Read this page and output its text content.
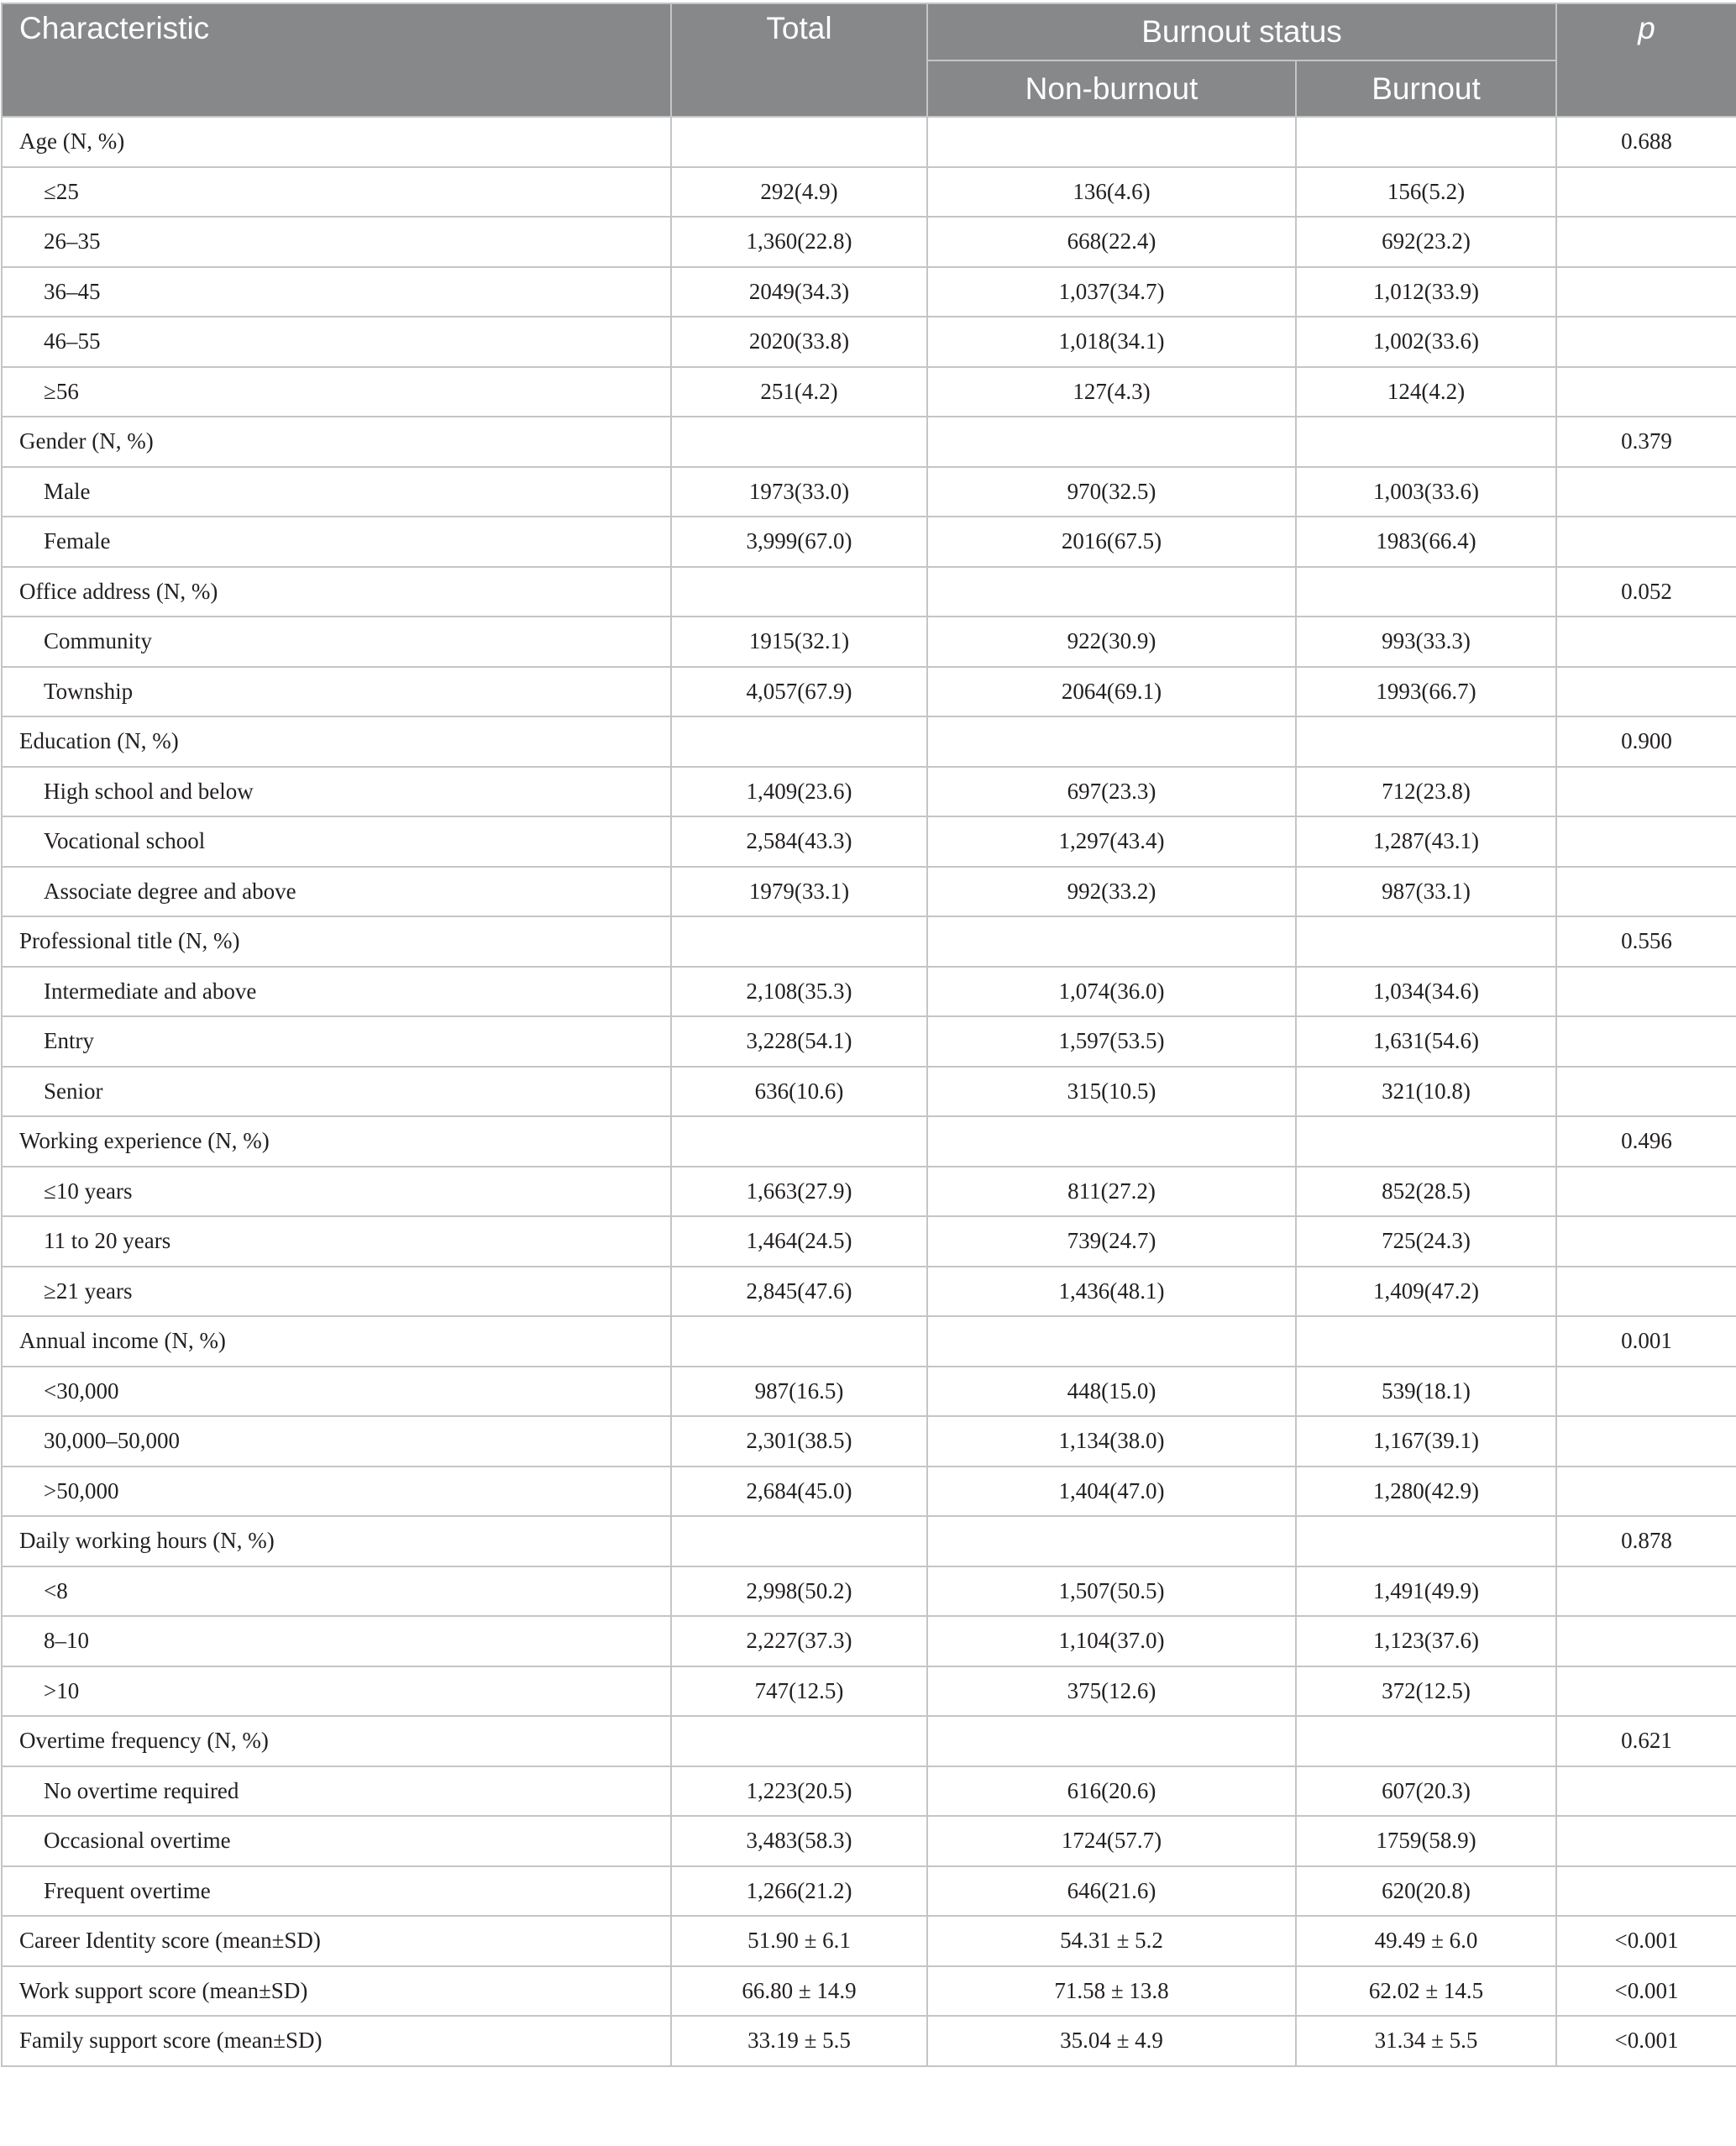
Characteristic	Total	Burnout status		p
		Non-burnout	Burnout	
Age (N, %)				0.688
≤25	292(4.9)	136(4.6)	156(5.2)	
26–35	1,360(22.8)	668(22.4)	692(23.2)	
36–45	2049(34.3)	1,037(34.7)	1,012(33.9)	
46–55	2020(33.8)	1,018(34.1)	1,002(33.6)	
≥56	251(4.2)	127(4.3)	124(4.2)	
Gender (N, %)				0.379
Male	1973(33.0)	970(32.5)	1,003(33.6)	
Female	3,999(67.0)	2016(67.5)	1983(66.4)	
Office address (N, %)				0.052
Community	1915(32.1)	922(30.9)	993(33.3)	
Township	4,057(67.9)	2064(69.1)	1993(66.7)	
Education (N, %)				0.900
High school and below	1,409(23.6)	697(23.3)	712(23.8)	
Vocational school	2,584(43.3)	1,297(43.4)	1,287(43.1)	
Associate degree and above	1979(33.1)	992(33.2)	987(33.1)	
Professional title (N, %)				0.556
Intermediate and above	2,108(35.3)	1,074(36.0)	1,034(34.6)	
Entry	3,228(54.1)	1,597(53.5)	1,631(54.6)	
Senior	636(10.6)	315(10.5)	321(10.8)	
Working experience (N, %)				0.496
≤10 years	1,663(27.9)	811(27.2)	852(28.5)	
11 to 20 years	1,464(24.5)	739(24.7)	725(24.3)	
≥21 years	2,845(47.6)	1,436(48.1)	1,409(47.2)	
Annual income (N, %)				0.001
<30,000	987(16.5)	448(15.0)	539(18.1)	
30,000–50,000	2,301(38.5)	1,134(38.0)	1,167(39.1)	
>50,000	2,684(45.0)	1,404(47.0)	1,280(42.9)	
Daily working hours (N, %)				0.878
<8	2,998(50.2)	1,507(50.5)	1,491(49.9)	
8–10	2,227(37.3)	1,104(37.0)	1,123(37.6)	
>10	747(12.5)	375(12.6)	372(12.5)	
Overtime frequency (N, %)				0.621
No overtime required	1,223(20.5)	616(20.6)	607(20.3)	
Occasional overtime	3,483(58.3)	1724(57.7)	1759(58.9)	
Frequent overtime	1,266(21.2)	646(21.6)	620(20.8)	
Career Identity score (mean±SD)	51.90 ± 6.1	54.31 ± 5.2	49.49 ± 6.0	<0.001
Work support score (mean±SD)	66.80 ± 14.9	71.58 ± 13.8	62.02 ± 14.5	<0.001
Family support score (mean±SD)	33.19 ± 5.5	35.04 ± 4.9	31.34 ± 5.5	<0.001
